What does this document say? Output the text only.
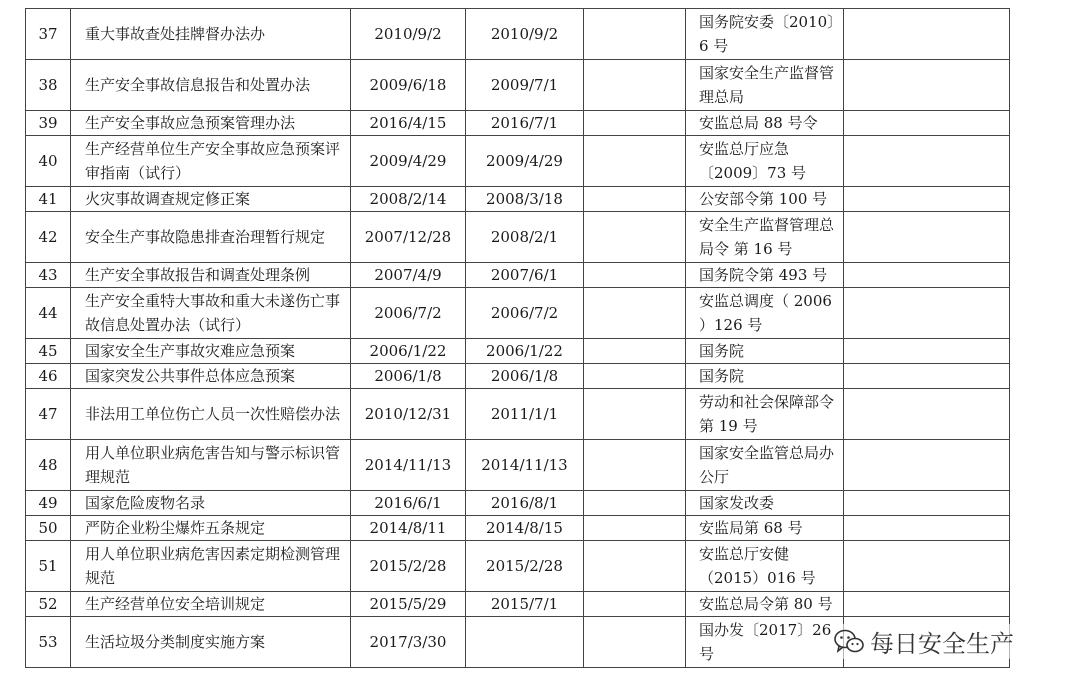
37	重大事故查处挂牌督办法办	2010/9/2	2010/9/2		国务院安委〔2010〕6 号	
38	生产安全事故信息报告和处置办法	2009/6/18	2009/7/1		国家安全生产监督管理总局	
39	生产安全事故应急预案管理办法	2016/4/15	2016/7/1		安监总局 88 号令	
40	生产经营单位生产安全事故应急预案评审指南（试行）	2009/4/29	2009/4/29		安监总厅应急〔2009〕73 号	
41	火灾事故调查规定修正案	2008/2/14	2008/3/18		公安部令第 100 号	
42	安全生产事故隐患排查治理暂行规定	2007/12/28	2008/2/1		安全生产监督管理总局令 第 16 号	
43	生产安全事故报告和调查处理条例	2007/4/9	2007/6/1		国务院令第 493 号	
44	生产安全重特大事故和重大未遂伤亡事故信息处置办法（试行）	2006/7/2	2006/7/2		安监总调度（ 2006 ）126 号	
45	国家安全生产事故灾难应急预案	2006/1/22	2006/1/22		国务院	
46	国家突发公共事件总体应急预案	2006/1/8	2006/1/8		国务院	
47	非法用工单位伤亡人员一次性赔偿办法	2010/12/31	2011/1/1		劳动和社会保障部令第 19 号	
48	用人单位职业病危害告知与警示标识管理规范	2014/11/13	2014/11/13		国家安全监管总局办公厅	
49	国家危险废物名录	2016/6/1	2016/8/1		国家发改委	
50	严防企业粉尘爆炸五条规定	2014/8/11	2014/8/15		安监局第 68 号	
51	用人单位职业病危害因素定期检测管理规范	2015/2/28	2015/2/28		安监总厅安健（2015）016 号	
52	生产经营单位安全培训规定	2015/5/29	2015/7/1		安监总局令第 80 号	
53	生活垃圾分类制度实施方案	2017/3/30			国办发〔2017〕26 号		每日安全生产
